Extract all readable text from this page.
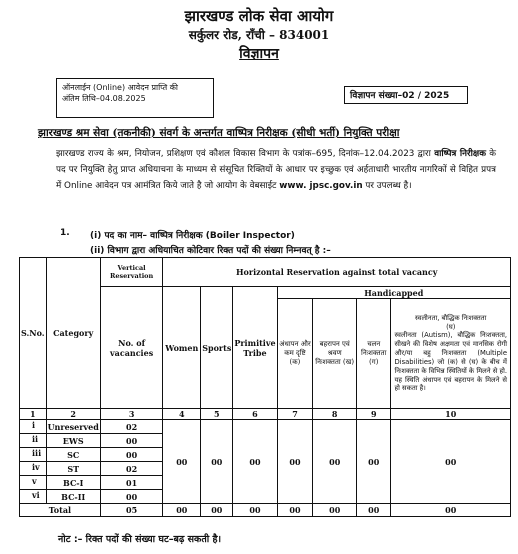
झारखण्ड लोक सेवा आयोग
सर्कुलर रोड, राँची – 834001
विज्ञापन
ऑनलाईन (Online) आवेदन प्राप्ति की
अंतिम तिथि–04.08.2025	विज्ञापन संख्या–02 / 2025
झारखण्ड श्रम सेवा (तकनीकी) संवर्ग के अन्तर्गत वाष्पित्र निरीक्षक (सीधी भर्ती) नियुक्ति परीक्षा
झारखण्ड राज्य के श्रम, नियोजन, प्रशिक्षण एवं कौशल विकास विभाग के पत्रांक–695, दिनांक–12.04.2023 द्वारा वाष्पित्र निरीक्षक के पद पर नियुक्ति हेतु प्राप्त अधियाचना के माध्यम से संसूचित रिक्तियों के आधार पर इच्छुक एवं अर्हताधारी भारतीय नागरिकों से विहित प्रपत्र में Online आवेदन पत्र आमंत्रित किये जाते है जो आयोग के वेबसाईट www. jpsc.gov.in पर उपलब्ध है।
1. (i) पद का नाम– वाष्पित्र निरीक्षक (Boiler Inspector)
(ii) विभाग द्वारा अधियाचित कोटिवार रिक्त पदों की संख्या निम्नवत् है :–
S.No.	Category	Vertical Reservation	Horizontal Reservation against total vacancy						
		No. of vacancies	Women	Sports	Primitive Tribe	Handicapped			
						अंधापन और कम दृष्टि (क)	बहरापन एवं श्रवण निःशक्तता (ख)	चलन निःशक्तता (ग)	स्वलीनता, बौद्धिक निःशक्तता
(घ)
स्वलीनता (Autism), बौद्धिक निःशक्तता, सीखने की विशेष अक्षमता एवं मानसिक रोगी और/या बहु निःशक्तता (Multiple Disabilities) जो (क) से (घ) के बीच में निःशक्तता के विभिन्न स्थितियों के मिलने से हो. यह स्थिति अंधापन एवं बहरापन के मिलने से हो सकता है।
1	2	3	4	5	6	7	8	9	10
i	Unreserved	02	00	00	00	00	00	00	00
ii	EWS	00							
iii	SC	00							
iv	ST	02							
v	BC-I	01							
vi	BC-II	00							
Total		05	00	00	00	00	00	00	00
नोट :– रिक्त पदों की संख्या घट–बढ़ सकती है।
